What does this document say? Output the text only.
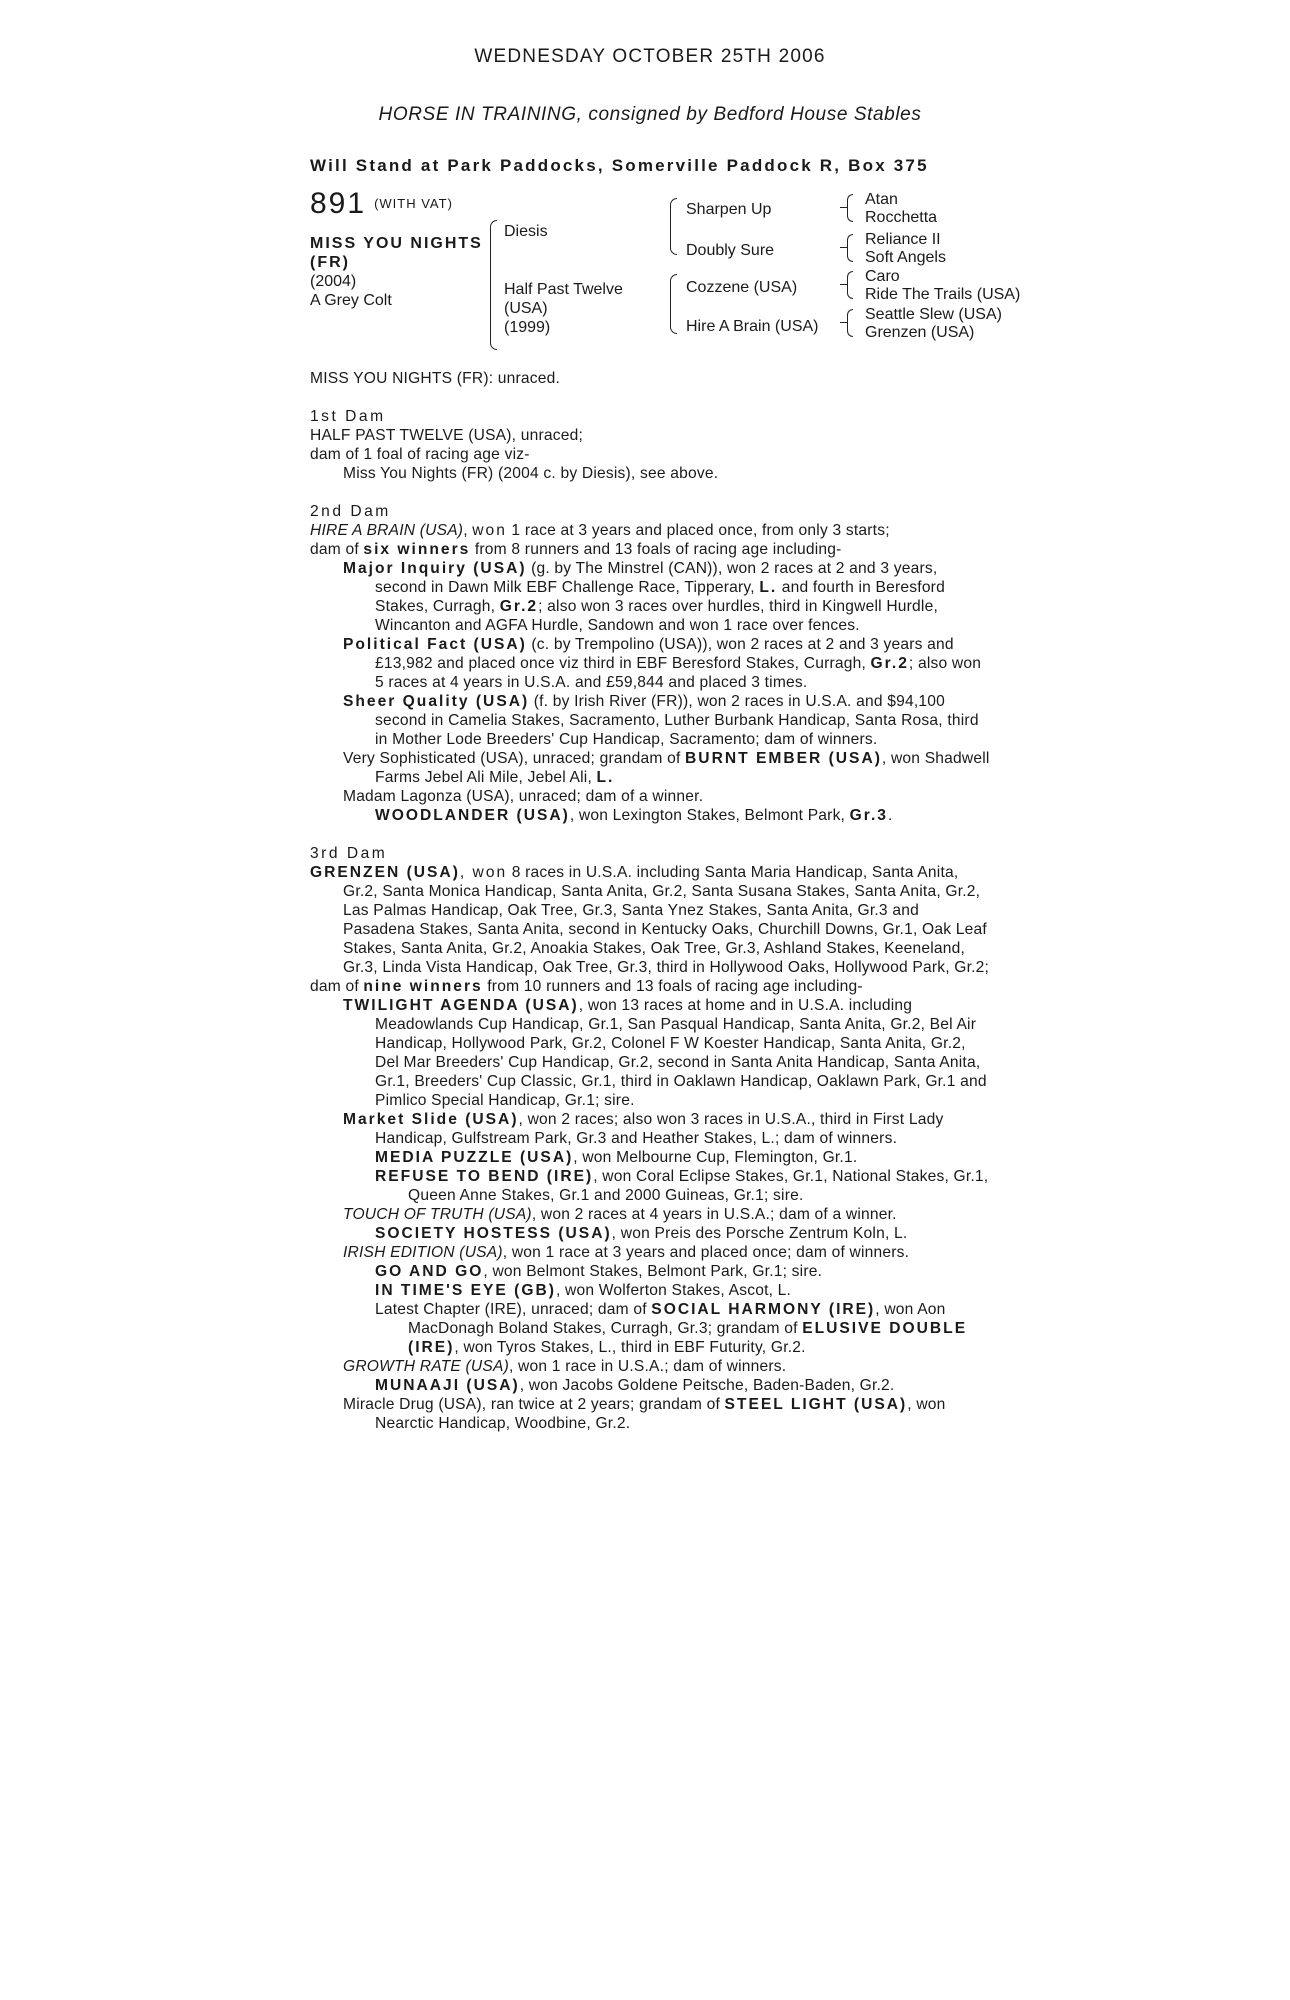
WEDNESDAY OCTOBER 25TH 2006
HORSE IN TRAINING, consigned by Bedford House Stables
Will Stand at Park Paddocks, Somerville Paddock R, Box 375
891 $^{(WITH VAT)}$
MISS YOU NIGHTS
(FR)
(2004)
A Grey Colt
Diesis
Half Past Twelve
(USA)
(1999)
Sharpen Up
Doubly Sure
Cozzene (USA)
Hire A Brain (USA)
Atan
Rocchetta
Reliance II
Soft Angels
Caro
Ride The Trails (USA)
Seattle Slew (USA)
Grenzen (USA)

MISS YOU NIGHTS (FR): unraced.

1st Dam

HALF PAST TWELVE (USA), unraced;

dam of 1 foal of racing age viz-

Miss You Nights (FR) (2004 c. by Diesis), see above.

2nd Dam

HIRE A BRAIN (USA), won 1 race at 3 years and placed once, from only 3 starts;

dam of six winners from 8 runners and 13 foals of racing age including-

Major Inquiry (USA) (g. by The Minstrel (CAN)), won 2 races at 2 and 3 years, second in Dawn Milk EBF Challenge Race, Tipperary, L. and fourth in Beresford Stakes, Curragh, Gr.2; also won 3 races over hurdles, third in Kingwell Hurdle, Wincanton and AGFA Hurdle, Sandown and won 1 race over fences.

Political Fact (USA) (c. by Trempolino (USA)), won 2 races at 2 and 3 years and £13,982 and placed once viz third in EBF Beresford Stakes, Curragh, Gr.2; also won 5 races at 4 years in U.S.A. and £59,844 and placed 3 times.

Sheer Quality (USA) (f. by Irish River (FR)), won 2 races in U.S.A. and $94,100 second in Camelia Stakes, Sacramento, Luther Burbank Handicap, Santa Rosa, third in Mother Lode Breeders' Cup Handicap, Sacramento; dam of winners.

Very Sophisticated (USA), unraced; grandam of BURNT EMBER (USA), won Shadwell Farms Jebel Ali Mile, Jebel Ali, L.

Madam Lagonza (USA), unraced; dam of a winner.

WOODLANDER (USA), won Lexington Stakes, Belmont Park, Gr.3.

3rd Dam

GRENZEN (USA), won 8 races in U.S.A. including Santa Maria Handicap, Santa Anita, Gr.2, Santa Monica Handicap, Santa Anita, Gr.2, Santa Susana Stakes, Santa Anita, Gr.2, Las Palmas Handicap, Oak Tree, Gr.3, Santa Ynez Stakes, Santa Anita, Gr.3 and Pasadena Stakes, Santa Anita, second in Kentucky Oaks, Churchill Downs, Gr.1, Oak Leaf Stakes, Santa Anita, Gr.2, Anoakia Stakes, Oak Tree, Gr.3, Ashland Stakes, Keeneland, Gr.3, Linda Vista Handicap, Oak Tree, Gr.3, third in Hollywood Oaks, Hollywood Park, Gr.2;

dam of nine winners from 10 runners and 13 foals of racing age including-

TWILIGHT AGENDA (USA), won 13 races at home and in U.S.A. including Meadowlands Cup Handicap, Gr.1, San Pasqual Handicap, Santa Anita, Gr.2, Bel Air Handicap, Hollywood Park, Gr.2, Colonel F W Koester Handicap, Santa Anita, Gr.2, Del Mar Breeders' Cup Handicap, Gr.2, second in Santa Anita Handicap, Santa Anita, Gr.1, Breeders' Cup Classic, Gr.1, third in Oaklawn Handicap, Oaklawn Park, Gr.1 and Pimlico Special Handicap, Gr.1; sire.

Market Slide (USA), won 2 races; also won 3 races in U.S.A., third in First Lady Handicap, Gulfstream Park, Gr.3 and Heather Stakes, L.; dam of winners.

MEDIA PUZZLE (USA), won Melbourne Cup, Flemington, Gr.1.

REFUSE TO BEND (IRE), won Coral Eclipse Stakes, Gr.1, National Stakes, Gr.1, Queen Anne Stakes, Gr.1 and 2000 Guineas, Gr.1; sire.

TOUCH OF TRUTH (USA), won 2 races at 4 years in U.S.A.; dam of a winner.

SOCIETY HOSTESS (USA), won Preis des Porsche Zentrum Koln, L.

IRISH EDITION (USA), won 1 race at 3 years and placed once; dam of winners.

GO AND GO, won Belmont Stakes, Belmont Park, Gr.1; sire.

IN TIME'S EYE (GB), won Wolferton Stakes, Ascot, L.

Latest Chapter (IRE), unraced; dam of SOCIAL HARMONY (IRE), won Aon MacDonagh Boland Stakes, Curragh, Gr.3; grandam of ELUSIVE DOUBLE (IRE), won Tyros Stakes, L., third in EBF Futurity, Gr.2.

GROWTH RATE (USA), won 1 race in U.S.A.; dam of winners.

MUNAAJI (USA), won Jacobs Goldene Peitsche, Baden-Baden, Gr.2.

Miracle Drug (USA), ran twice at 2 years; grandam of STEEL LIGHT (USA), won Nearctic Handicap, Woodbine, Gr.2.
